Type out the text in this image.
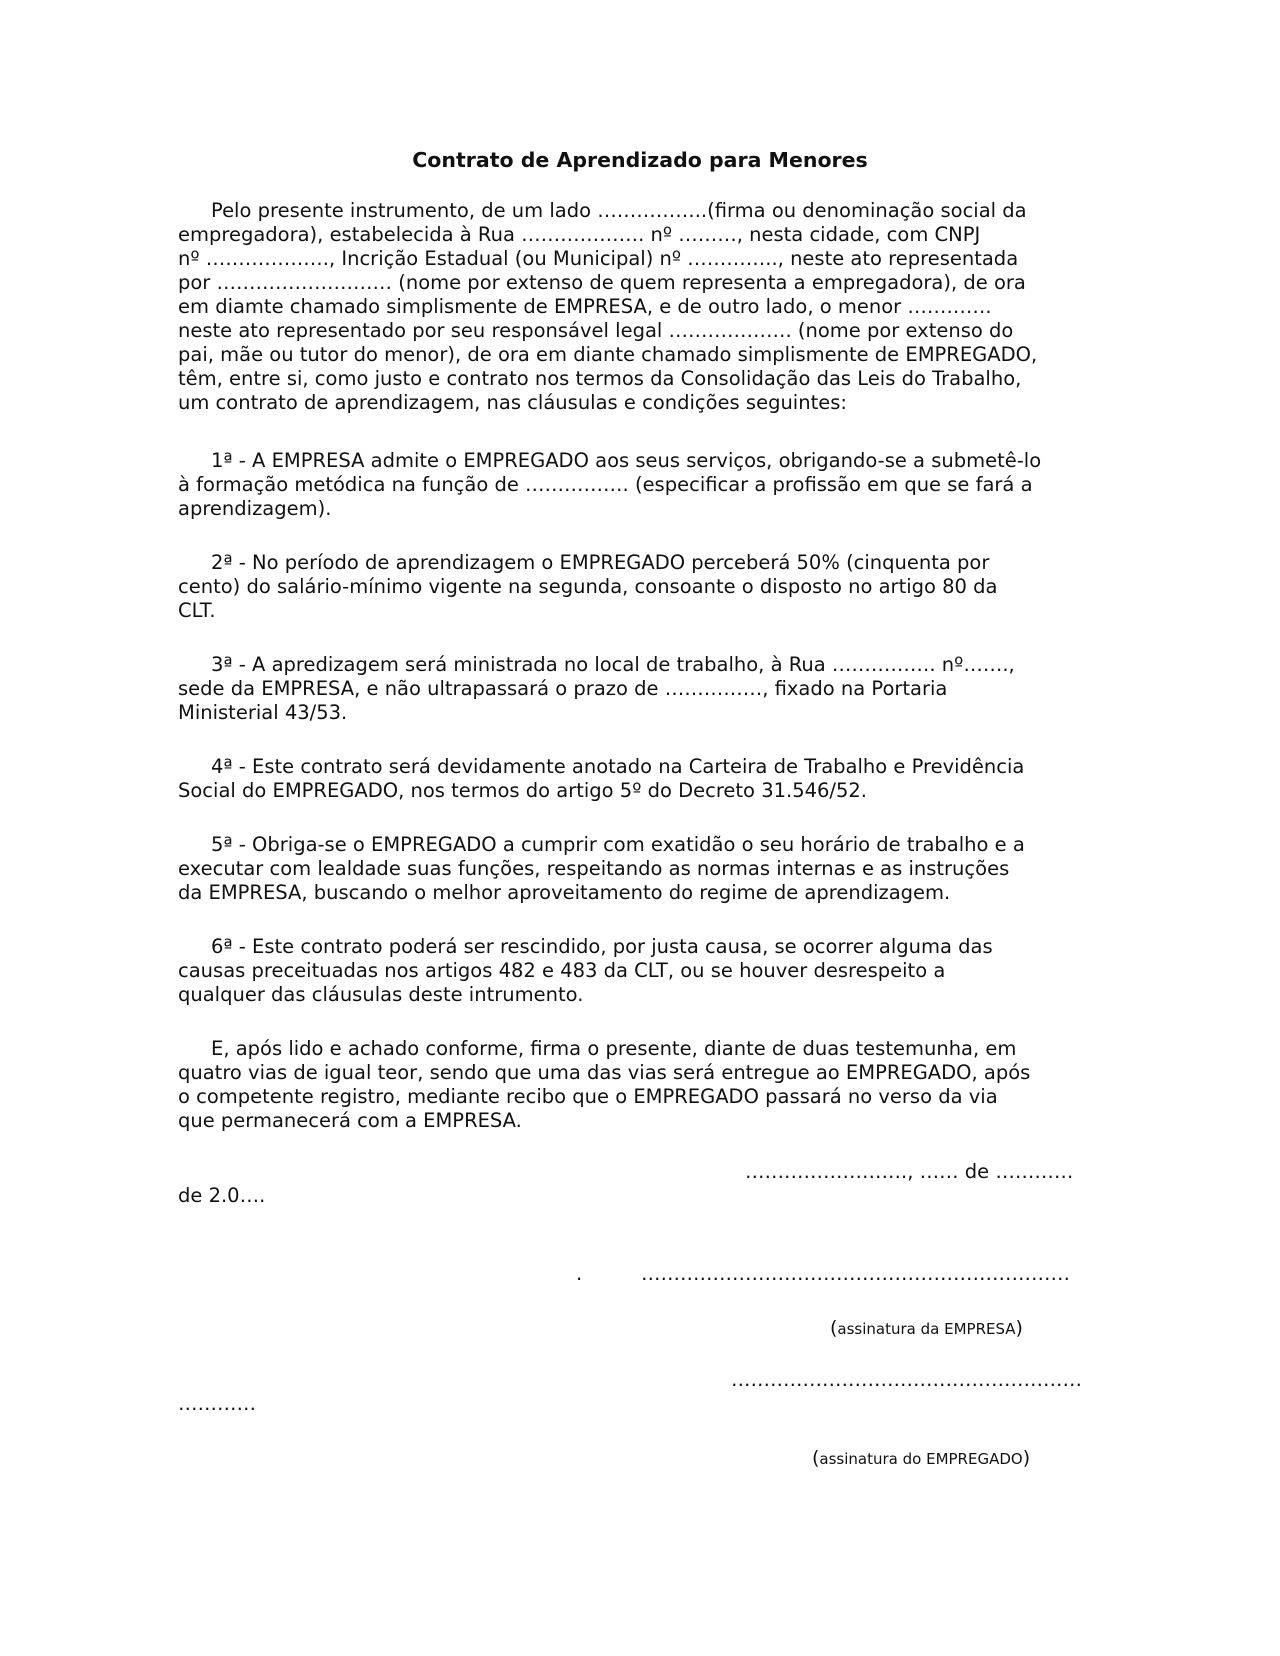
Contrato de Aprendizado para Menores
Pelo presente instrumento, de um lado ……………..(firma ou denominação social da
empregadora), estabelecida à Rua ………………. nº ………, nesta cidade, com CNPJ
nº ………………., Incrição Estadual (ou Municipal) nº ………….., neste ato representada
por ……………………… (nome por extenso de quem representa a empregadora), de ora
em diamte chamado simplismente de EMPRESA, e de outro lado, o menor ………….
neste ato representado por seu responsável legal ………………. (nome por extenso do
pai, mãe ou tutor do menor), de ora em diante chamado simplismente de EMPREGADO,
têm, entre si, como justo e contrato nos termos da Consolidação das Leis do Trabalho,
um contrato de aprendizagem, nas cláusulas e condições seguintes:
1ª - A EMPRESA admite o EMPREGADO aos seus serviços, obrigando-se a submetê-lo
à formação metódica na função de ……………. (especificar a profissão em que se fará a
aprendizagem).
2ª - No período de aprendizagem o EMPREGADO perceberá 50% (cinquenta por
cento) do salário-mínimo vigente na segunda, consoante o disposto no artigo 80 da
CLT.
3ª - A apredizagem será ministrada no local de trabalho, à Rua ……………. nº…….,
sede da EMPRESA, e não ultrapassará o prazo de ……………, fixado na Portaria
Ministerial 43/53.
4ª - Este contrato será devidamente anotado na Carteira de Trabalho e Previdência
Social do EMPREGADO, nos termos do artigo 5º do Decreto 31.546/52.
5ª - Obriga-se o EMPREGADO a cumprir com exatidão o seu horário de trabalho e a
executar com lealdade suas funções, respeitando as normas internas e as instruções
da EMPRESA, buscando o melhor aproveitamento do regime de aprendizagem.
6ª - Este contrato poderá ser rescindido, por justa causa, se ocorrer alguma das
causas preceituadas nos artigos 482 e 483 da CLT, ou se houver desrespeito a
qualquer das cláusulas deste intrumento.
E, após lido e achado conforme, firma o presente, diante de duas testemunha, em
quatro vias de igual teor, sendo que uma das vias será entregue ao EMPREGADO, após
o competente registro, mediante recibo que o EMPREGADO passará no verso da via
que permanecerá com a EMPRESA.
……………………., …… de …………
de 2.0….
.	…………………………………………………………
(assinatura da EMPRESA)
………………………………………………
…………
(assinatura do EMPREGADO)
